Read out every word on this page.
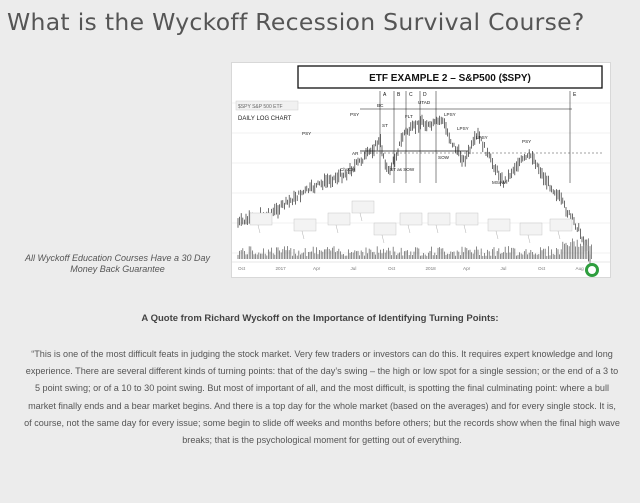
What is the Wyckoff Recession Survival Course?
All Wyckoff Education Courses Have a 30 Day Money Back Guarantee
ETF EXAMPLE 2 – S&P500 ($SPY)
$SPY S&P 500 ETF
DAILY LOG CHART
A B C D	E
PSY
PSY
BC
AR
ST
FLT
UTAD
LPSY
LPSY
LPSY
ST as SOW
SOW
MSoW
ChoCH
PSY
Oct	2017	Apr	Jul	Oct	2018	Apr	Jul	Oct	Aug
A Quote from Richard Wyckoff on the Importance of Identifying Turning Points:
“This is one of the most difficult feats in judging the stock market. Very few traders or investors can do this. It requires expert knowledge and long experience. There are several different kinds of turning points: that of the day’s swing – the high or low spot for a single session; or the end of a 3 to 5 point swing; or of a 10 to 30 point swing. But most of important of all, and the most difficult, is spotting the final culminating point: where a bull market finally ends and a bear market begins. And there is a top day for the whole market (based on the averages) and for every single stock. It is, of course, not the same day for every issue; some begin to slide off weeks and months before others; but the records show when the final high wave breaks; that is the psychological moment for getting out of everything.
